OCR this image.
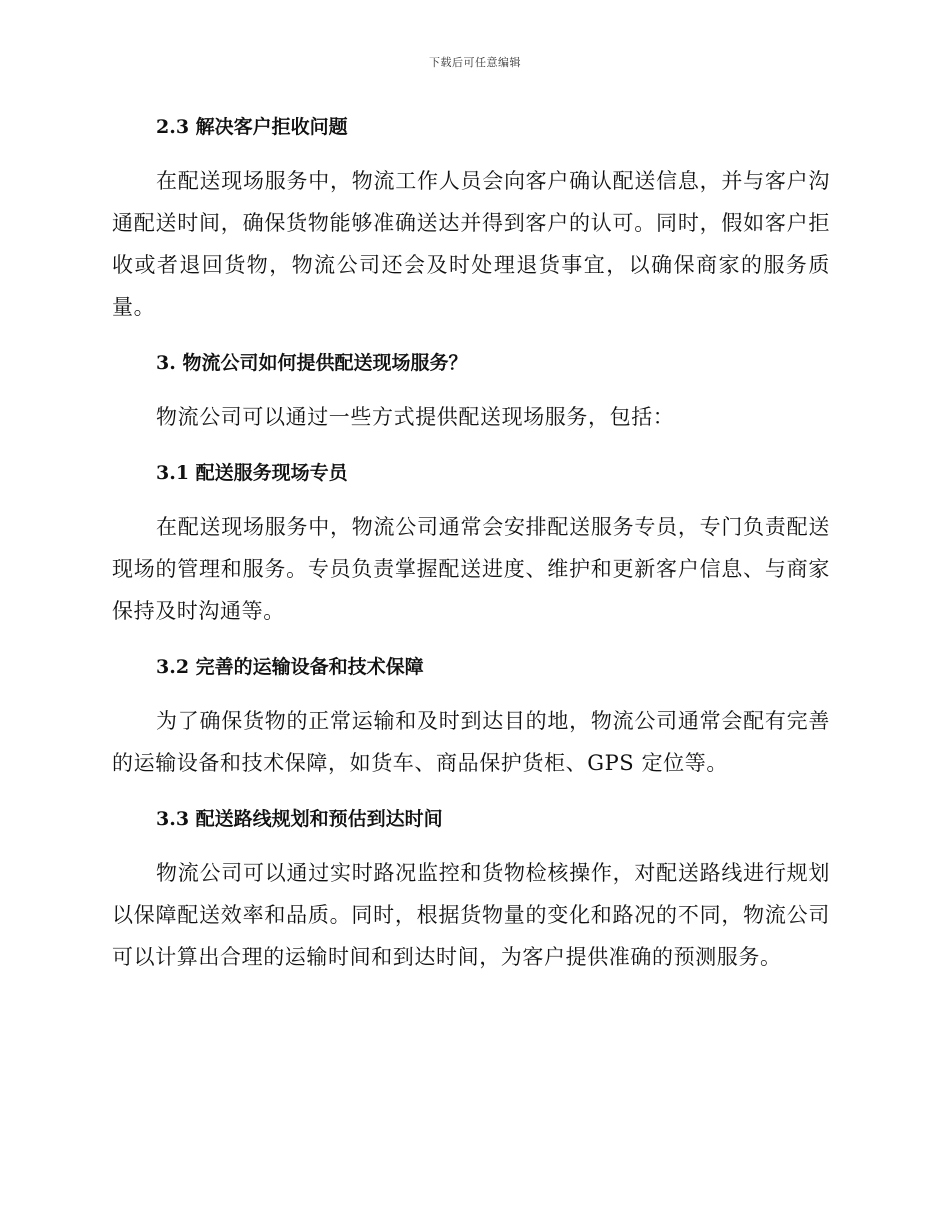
下载后可任意编辑
2.3 解决客户拒收问题

在配送现场服务中，物流工作人员会向客户确认配送信息，并与客户沟通配送时间，确保货物能够准确送达并得到客户的认可。同时，假如客户拒收或者退回货物，物流公司还会及时处理退货事宜，以确保商家的服务质量。

3. 物流公司如何提供配送现场服务？

物流公司可以通过一些方式提供配送现场服务，包括：

3.1 配送服务现场专员

在配送现场服务中，物流公司通常会安排配送服务专员，专门负责配送现场的管理和服务。专员负责掌握配送进度、维护和更新客户信息、与商家保持及时沟通等。

3.2 完善的运输设备和技术保障

为了确保货物的正常运输和及时到达目的地，物流公司通常会配有完善的运输设备和技术保障，如货车、商品保护货柜、GPS 定位等。

3.3 配送路线规划和预估到达时间

物流公司可以通过实时路况监控和货物检核操作，对配送路线进行规划以保障配送效率和品质。同时，根据货物量的变化和路况的不同，物流公司可以计算出合理的运输时间和到达时间，为客户提供准确的预测服务。
